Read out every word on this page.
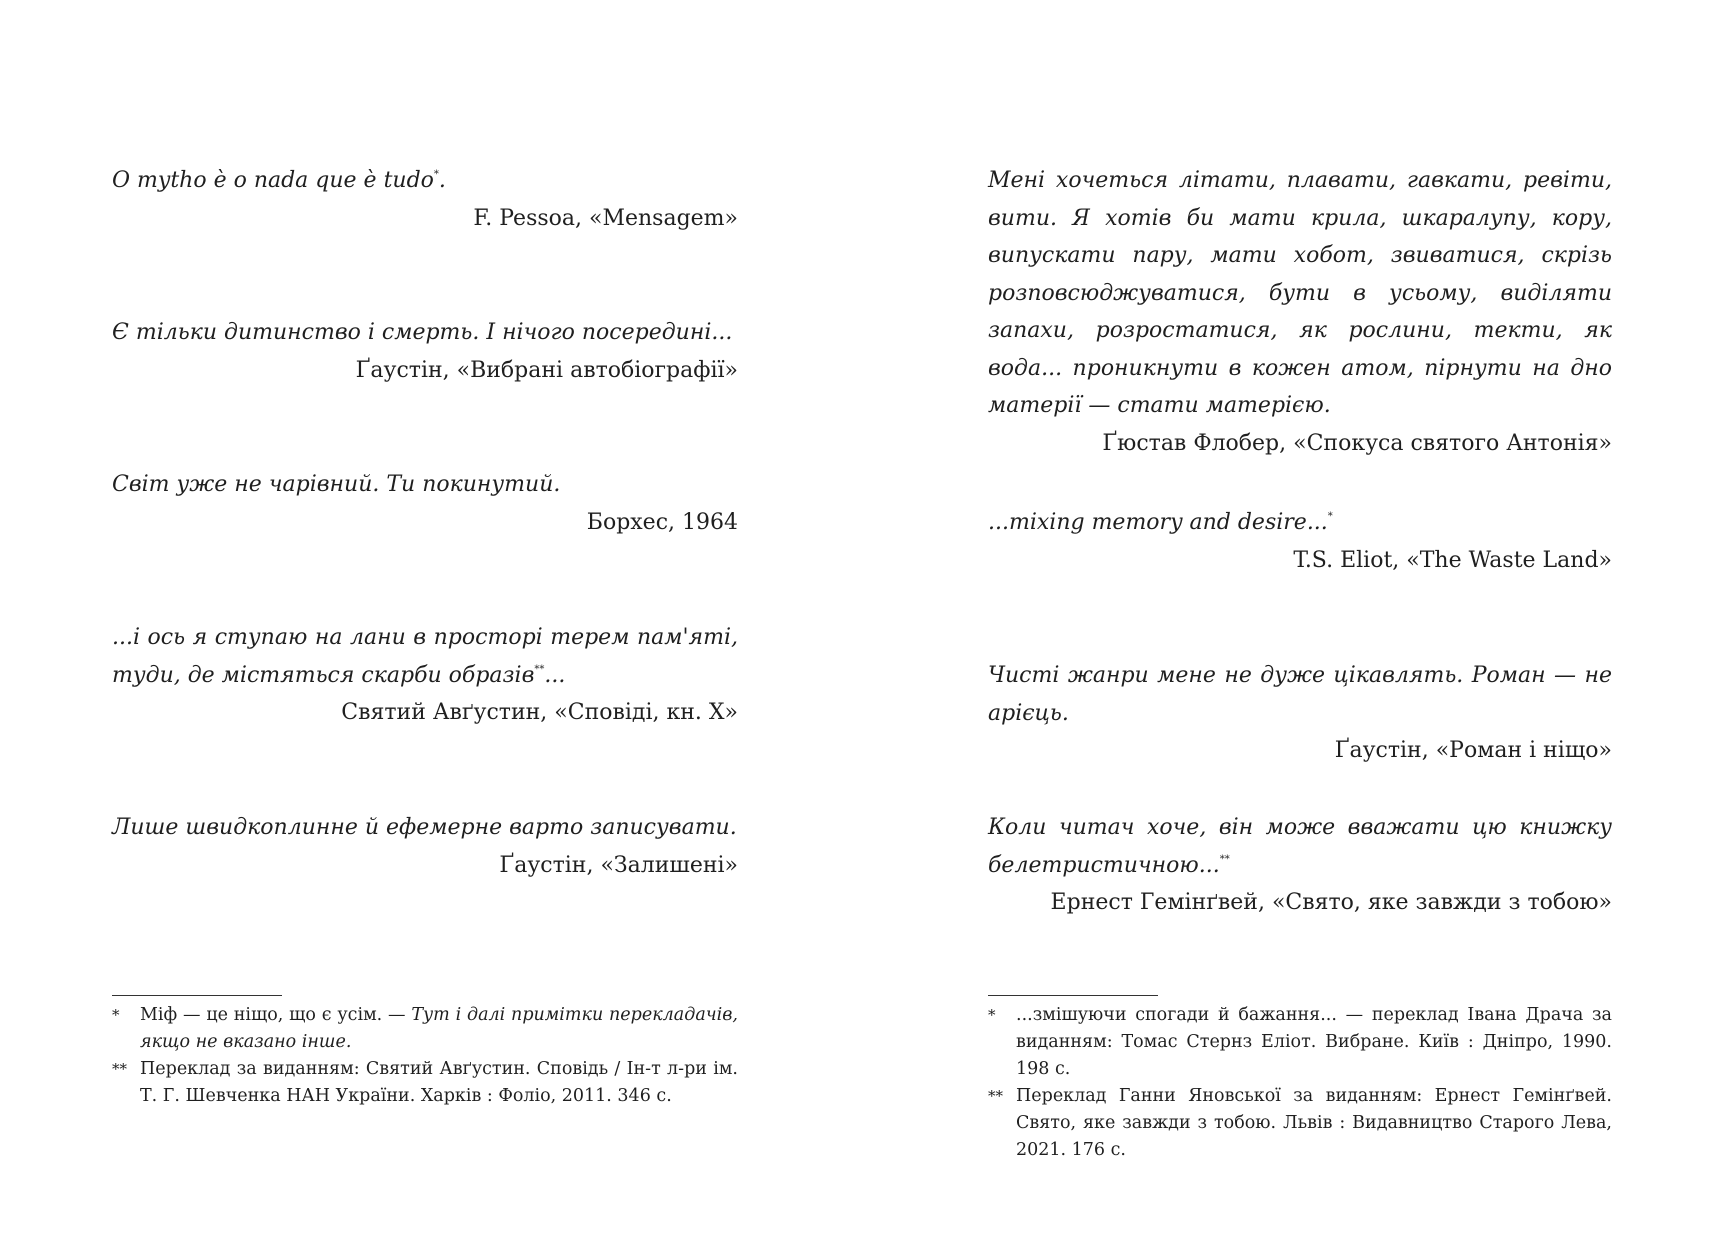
O mytho è o nada que è tudo*.

F. Pessoa, «Mensagem»

Є тільки дитинство і смерть. І нічого посередині...

Ґаустін, «Вибрані автобіографії»

Світ уже не чарівний. Ти покинутий.

Борхес, 1964

...і ось я ступаю на лани в просторі терем пам'яті, туди, де містяться скарби образів**...

Святий Авґустин, «Сповіді, кн. X»

Лише швидкоплинне й ефемерне варто записувати.

Ґаустін, «Залишені»

*	Міф — це ніщо, що є усім. — Тут і далі примітки перекладачів, якщо не вказано інше.
** Переклад за виданням: Святий Авґустин. Сповідь / Ін-т л-ри ім. Т. Г. Шевченка НАН України. Харків : Фоліо, 2011. 346 с.

Мені хочеться літати, плавати, гавкати, ревіти, вити. Я хотів би мати крила, шкаралупу, кору, випускати пару, мати хобот, звиватися, скрізь розповсюджуватися, бути в усьому, виділяти запахи, розростатися, як рослини, текти, як вода... проникнути в кожен атом, пірнути на дно матерії — стати матерією.

Ґюстав Флобер, «Спокуса святого Антонія»

...mixing memory and desire...*

T.S. Eliot, «The Waste Land»

Чисті жанри мене не дуже цікавлять. Роман — не арієць.

Ґаустін, «Роман і ніщо»

Коли читач хоче, він може вважати цю книжку белетристичною...**

Ернест Гемінґвей, «Свято, яке завжди з тобою»

*	...змішуючи спогади й бажання... — переклад Івана Драча за виданням: Томас Стернз Еліот. Вибране. Київ : Дніпро, 1990. 198 с.
** Переклад Ганни Яновської за виданням: Ернест Гемінґвей. Свято, яке завжди з тобою. Львів : Видавництво Старого Лева, 2021. 176 с.
